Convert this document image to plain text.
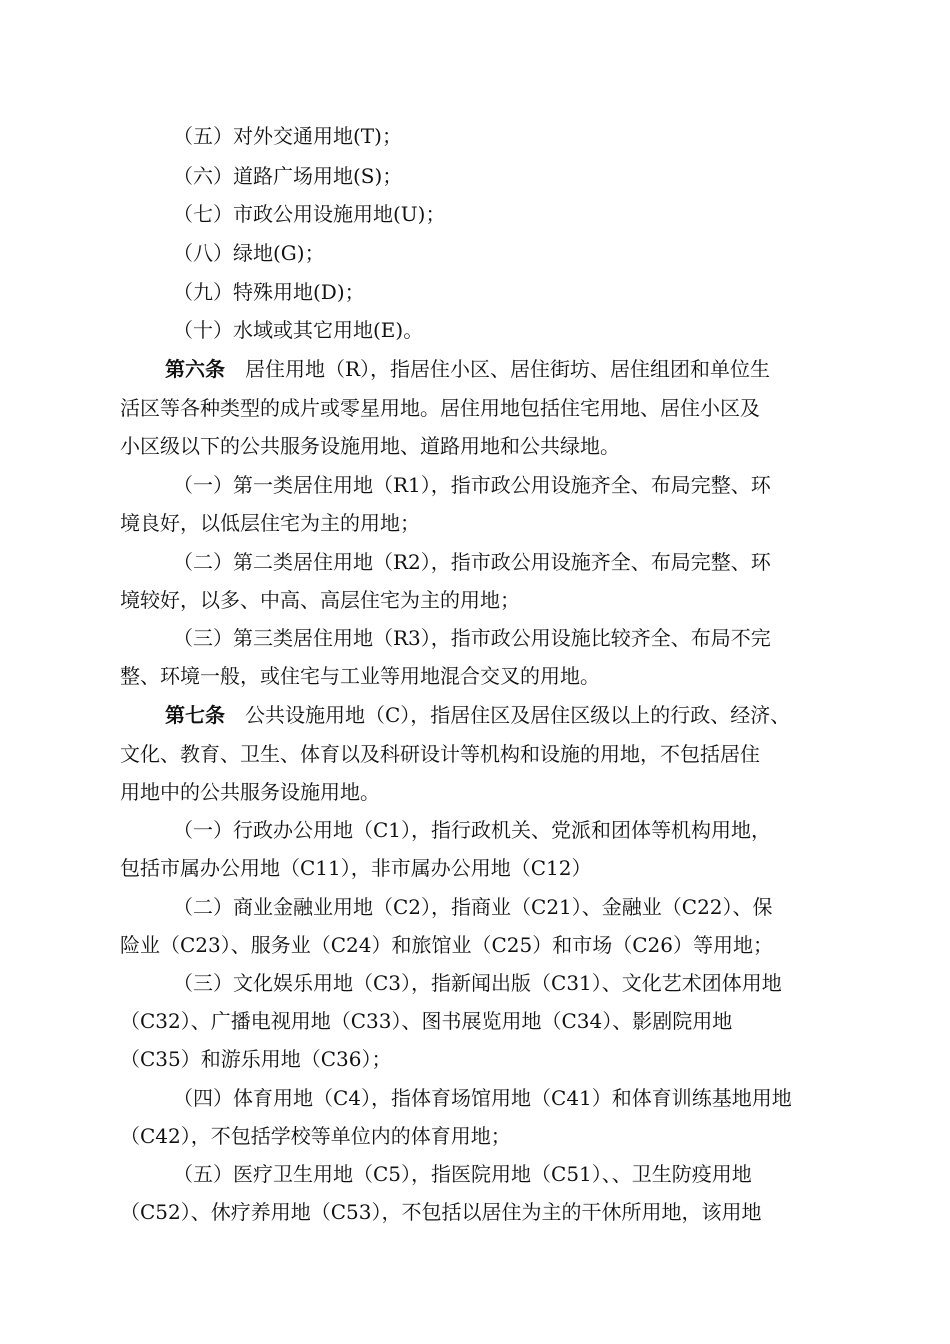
（五）对外交通用地(T)；
（六）道路广场用地(S)；
（七）市政公用设施用地(U)；
（八）绿地(G)；
（九）特殊用地(D)；
（十）水域或其它用地(E)。
第六条 居住用地（R），指居住小区、居住街坊、居住组团和单位生
活区等各种类型的成片或零星用地。居住用地包括住宅用地、居住小区及
小区级以下的公共服务设施用地、道路用地和公共绿地。
（一）第一类居住用地（R1），指市政公用设施齐全、布局完整、环
境良好，以低层住宅为主的用地；
（二）第二类居住用地（R2），指市政公用设施齐全、布局完整、环
境较好，以多、中高、高层住宅为主的用地；
（三）第三类居住用地（R3），指市政公用设施比较齐全、布局不完
整、环境一般，或住宅与工业等用地混合交叉的用地。
第七条 公共设施用地（C），指居住区及居住区级以上的行政、经济、
文化、教育、卫生、体育以及科研设计等机构和设施的用地，不包括居住
用地中的公共服务设施用地。
（一）行政办公用地（C1），指行政机关、党派和团体等机构用地，
包括市属办公用地（C11），非市属办公用地（C12）
（二）商业金融业用地（C2），指商业（C21）、金融业（C22）、保
险业（C23）、服务业（C24）和旅馆业（C25）和市场（C26）等用地；
（三）文化娱乐用地（C3），指新闻出版（C31）、文化艺术团体用地
（C32）、广播电视用地（C33）、图书展览用地（C34）、影剧院用地
（C35）和游乐用地（C36）；
（四）体育用地（C4），指体育场馆用地（C41）和体育训练基地用地
（C42），不包括学校等单位内的体育用地；
（五）医疗卫生用地（C5），指医院用地（C51）、、卫生防疫用地
（C52）、休疗养用地（C53），不包括以居住为主的干休所用地，该用地
